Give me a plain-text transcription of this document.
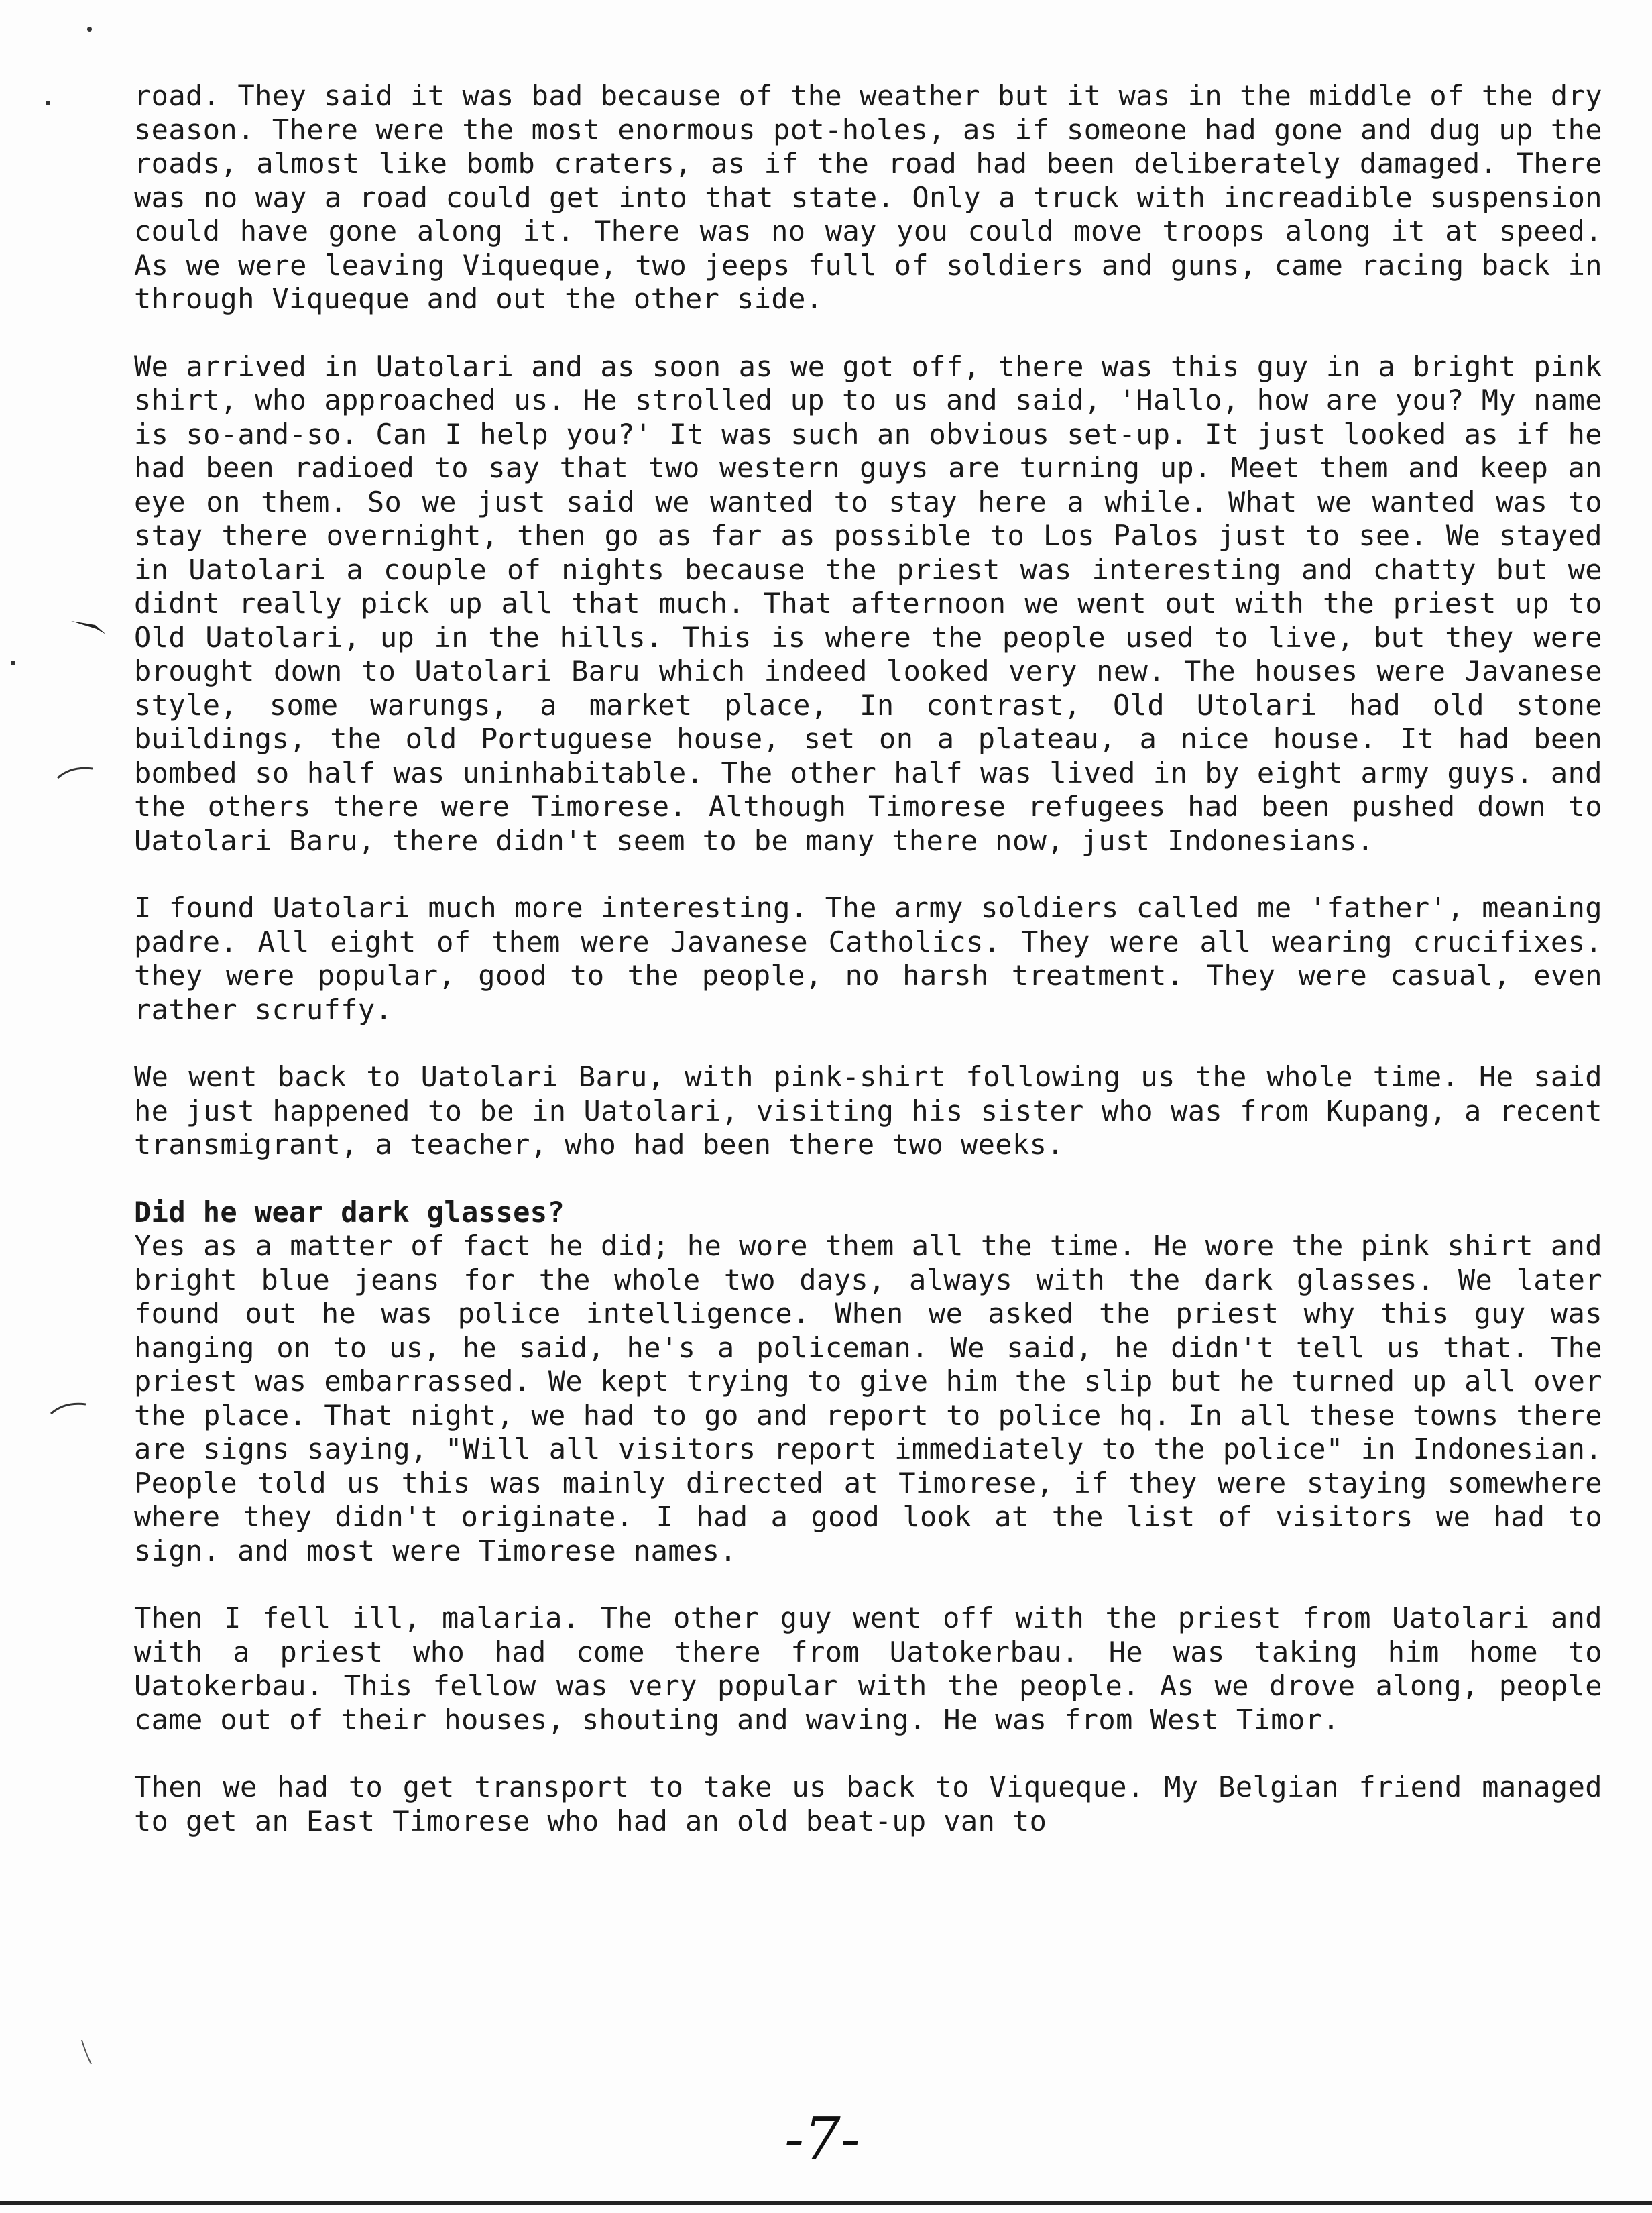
road. They said it was bad because of the weather but it was in the middle of the dry season. There were the most enormous pot-holes, as if someone had gone and dug up the roads, almost like bomb craters, as if the road had been deliberately damaged. There was no way a road could get into that state. Only a truck with increadible suspension could have gone along it. There was no way you could move troops along it at speed. As we were leaving Viqueque, two jeeps full of soldiers and guns, came racing back in through Viqueque and out the other side.

We arrived in Uatolari and as soon as we got off, there was this guy in a bright pink shirt, who approached us. He strolled up to us and said, 'Hallo, how are you? My name is so-and-so. Can I help you?' It was such an obvious set-up. It just looked as if he had been radioed to say that two western guys are turning up. Meet them and keep an eye on them. So we just said we wanted to stay here a while. What we wanted was to stay there overnight, then go as far as possible to Los Palos just to see. We stayed in Uatolari a couple of nights because the priest was interesting and chatty but we didnt really pick up all that much. That afternoon we went out with the priest up to Old Uatolari, up in the hills. This is where the people used to live, but they were brought down to Uatolari Baru which indeed looked very new. The houses were Javanese style, some warungs, a market place, In contrast, Old Utolari had old stone buildings, the old Portuguese house, set on a plateau, a nice house. It had been bombed so half was uninhabitable. The other half was lived in by eight army guys. and the others there were Timorese. Although Timorese refugees had been pushed down to Uatolari Baru, there didn't seem to be many there now, just Indonesians.

I found Uatolari much more interesting. The army soldiers called me 'father', meaning padre. All eight of them were Javanese Catholics. They were all wearing crucifixes. they were popular, good to the people, no harsh treatment. They were casual, even rather scruffy.

We went back to Uatolari Baru, with pink-shirt following us the whole time. He said he just happened to be in Uatolari, visiting his sister who was from Kupang, a recent transmigrant, a teacher, who had been there two weeks.

Did he wear dark glasses?

Yes as a matter of fact he did; he wore them all the time. He wore the pink shirt and bright blue jeans for the whole two days, always with the dark glasses. We later found out he was police intelligence. When we asked the priest why this guy was hanging on to us, he said, he's a policeman. We said, he didn't tell us that. The priest was embarrassed. We kept trying to give him the slip but he turned up all over the place. That night, we had to go and report to police hq. In all these towns there are signs saying, "Will all visitors report immediately to the police" in Indonesian. People told us this was mainly directed at Timorese, if they were staying somewhere where they didn't originate. I had a good look at the list of visitors we had to sign. and most were Timorese names.

Then I fell ill, malaria. The other guy went off with the priest from Uatolari and with a priest who had come there from Uatokerbau. He was taking him home to Uatokerbau. This fellow was very popular with the people. As we drove along, people came out of their houses, shouting and waving. He was from West Timor.

Then we had to get transport to take us back to Viqueque. My Belgian friend managed to get an East Timorese who had an old beat-up van to

-7-
